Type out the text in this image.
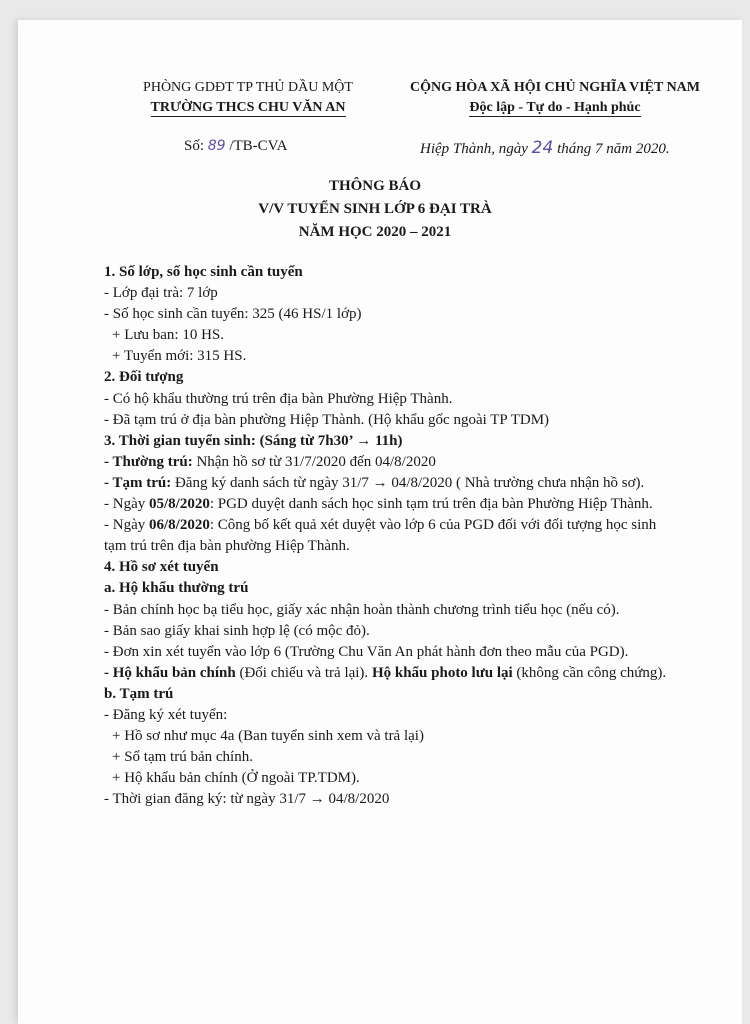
PHÒNG GDĐT TP THỦ DẦU MỘT
TRƯỜNG THCS CHU VĂN AN
CỘNG HÒA XÃ HỘI CHỦ NGHĨA VIỆT NAM
Độc lập - Tự do - Hạnh phúc
Số: 89 /TB-CVA	Hiệp Thành, ngày 24 tháng 7 năm 2020.
THÔNG BÁO
V/V TUYỂN SINH LỚP 6 ĐẠI TRÀ
NĂM HỌC 2020 – 2021

1. Số lớp, số học sinh cần tuyển

- Lớp đại trà: 7 lớp

- Số học sinh cần tuyển: 325 (46 HS/1 lớp)

+ Lưu ban: 10 HS.

+ Tuyển mới: 315 HS.

2. Đối tượng

- Có hộ khẩu thường trú trên địa bàn Phường Hiệp Thành.

- Đã tạm trú ở địa bàn phường Hiệp Thành. (Hộ khẩu gốc ngoài TP TDM)

3. Thời gian tuyển sinh: (Sáng từ 7h30’ → 11h)

- Thường trú: Nhận hồ sơ từ 31/7/2020 đến 04/8/2020

- Tạm trú: Đăng ký danh sách từ ngày 31/7 → 04/8/2020 ( Nhà trường chưa nhận hồ sơ).

- Ngày 05/8/2020: PGD duyệt danh sách học sinh tạm trú trên địa bàn Phường Hiệp Thành.

- Ngày 06/8/2020: Công bố kết quả xét duyệt vào lớp 6 của PGD đối với đối tượng học sinh tạm trú trên địa bàn phường Hiệp Thành.

4. Hồ sơ xét tuyển

a. Hộ khẩu thường trú

- Bản chính học bạ tiểu học, giấy xác nhận hoàn thành chương trình tiểu học (nếu có).

- Bản sao giấy khai sinh hợp lệ (có mộc đỏ).

- Đơn xin xét tuyển vào lớp 6 (Trường Chu Văn An phát hành đơn theo mẫu của PGD).

- Hộ khẩu bản chính (Đối chiếu và trả lại). Hộ khẩu photo lưu lại (không cần công chứng).

b. Tạm trú

- Đăng ký xét tuyển:

+ Hồ sơ như mục 4a (Ban tuyển sinh xem và trả lại)

+ Sổ tạm trú bản chính.

+ Hộ khẩu bản chính (Ở ngoài TP.TDM).

- Thời gian đăng ký: từ ngày 31/7 → 04/8/2020
